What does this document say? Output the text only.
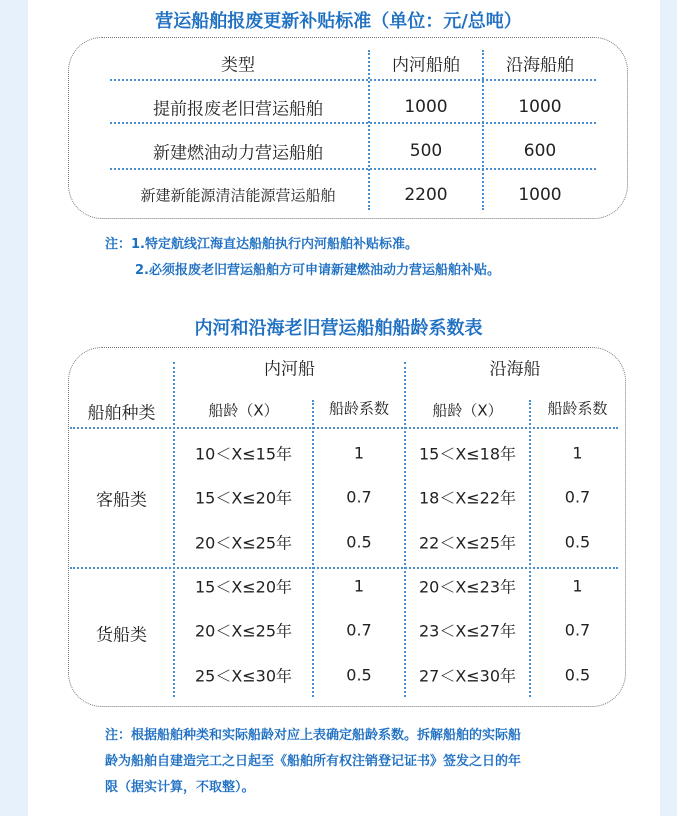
营运船舶报废更新补贴标准（单位：元/总吨）
类型	内河船舶	沿海船舶
提前报废老旧营运船舶	1000	1000
新建燃油动力营运船舶	500	600
新建新能源清洁能源营运船舶	2200	1000
注：1.特定航线江海直达船舶执行内河船舶补贴标准。
2.必须报废老旧营运船舶方可申请新建燃油动力营运船舶补贴。
内河和沿海老旧营运船舶船龄系数表
内河船	沿海船
船舶种类	船龄（X）	船龄系数	船龄（X）	船龄系数
客船类
10＜X≤15年	1	15＜X≤18年	1
15＜X≤20年	0.7	18＜X≤22年	0.7
20＜X≤25年	0.5	22＜X≤25年	0.5
货船类
15＜X≤20年	1	20＜X≤23年	1
20＜X≤25年	0.7	23＜X≤27年	0.7
25＜X≤30年	0.5	27＜X≤30年	0.5
注：根据船舶种类和实际船龄对应上表确定船龄系数。拆解船舶的实际船
龄为船舶自建造完工之日起至《船舶所有权注销登记证书》签发之日的年
限（据实计算，不取整）。
